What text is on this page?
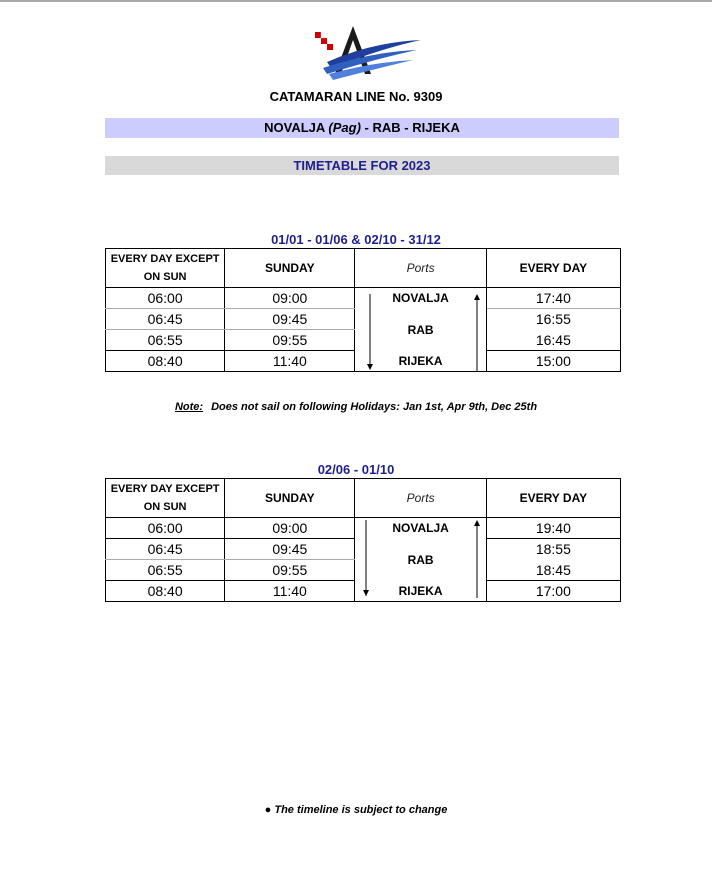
CATAMARAN LINE No. 9309
NOVALJA (Pag) - RAB - RIJEKA
TIMETABLE FOR 2023
01/01 - 01/06 & 02/10 - 31/12
EVERY DAY EXCEPT ON SUN	SUNDAY	Ports	EVERY DAY
06:00	09:00	NOVALJA	17:40
06:45	09:45	RAB	16:55
06:55	09:55		16:45
08:40	11:40	RIJEKA	15:00
Note: Does not sail on following Holidays: Jan 1st, Apr 9th, Dec 25th
02/06 - 01/10
EVERY DAY EXCEPT ON SUN	SUNDAY	Ports	EVERY DAY
06:00	09:00	NOVALJA	19:40
06:45	09:45	RAB	18:55
06:55	09:55		18:45
08:40	11:40	RIJEKA	17:00
● The timeline is subject to change
